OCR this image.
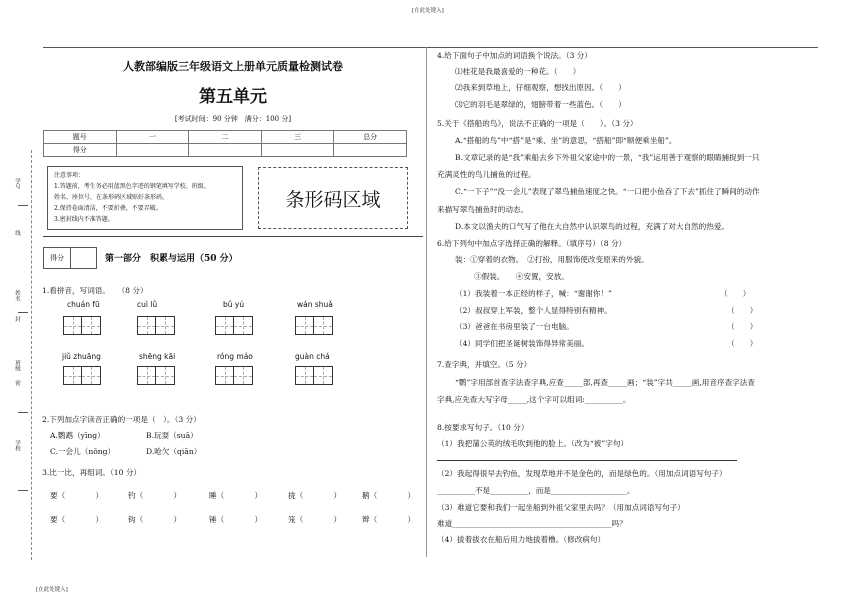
[在此处键入]
[在此处键入]
学号
线
姓名
封
班级
密
学校
人教部编版三年级语文上册单元质量检测试卷
第五单元
[考试时间：90 分钟　满分：100 分]
题号	一	二	三	总分
得分				
注意事项：
1.答题前，考生务必用蓝黑色字迹的钢笔填写学校、班级、
姓名、座位号，在条形码区域贴好条形码。
2.保持卷面清洁，不要折叠，不要弄破。
3.密封线内不准答题。
条形码区域
得分	第一部分　积累与运用（50 分）
1.看拼音，写词语。　　（8 分）
chuán fū	cuì lǜ	bǔ yú	wán shuǎ
jiǔ zhuāng	shēng kāi	róng máo	guàn chá
2.下列加点字读音正确的一项是（　）。（3 分）
A.鹦鹉（yīng）	B.玩耍（suā）
C.一会儿（nǒng）	D.呛欠（qiān）
3.比一比，再组词。（10 分）
要（　　　　）	钓（　　　　）	睡（　　　　）	拢（　　　　）	鹅（　　　　）
要（　　　　）	钩（　　　　）	锤（　　　　）	笼（　　　　）	辫（　　　　）
4.给下面句子中加点的词语换个说法。（3 分）
⑴桂花是我最喜爱的一种花。（　　）
⑵我来到草地上，仔细观察，想找出原因。（　　）
⑶它的羽毛是翠绿的，翅膀带着一些蓝色。（　　）
5.关于《搭船的鸟》，说法不正确的一项是（　　）。（3 分）
A.“搭船的鸟”中“搭”是“乘、坐”的意思，“搭船”即“顺便乘坐船”。
B.文章记录的是“我”乘船去乡下外祖父家途中的一景，“我”运用善于观察的眼睛捕捉到一只
充满灵性的鸟儿捕鱼的过程。
C.“一下子”“没一会儿”表现了翠鸟捕鱼速度之快。“一口把小鱼吞了下去”抓住了瞬间的动作
来描写翠鸟捕鱼时的动态。
D.本文以渔夫的口气写了他在大自然中认识翠鸟的过程，充满了对大自然的热爱。
6.给下列句中加点字选择正确的解释。（填序号）（8 分）
装：①穿着的衣物。　②打扮，用服饰使改变原来的外貌。
③假装。　　④安置，安放。
（1）我装着一本正经的样子，喊：“谢谢你！”	（　　）
（2）叔叔穿上军装，整个人显得特别有精神。	（　　）
（3）爸爸在书房里装了一台电脑。	（　　）
（4）同学们把圣诞树装饰得异常美丽。	（　　）
7.查字典，并填空。（5 分）
“鹦”字用部首查字法查字典,应查_____部,再查_____画；“装”字共_____画,用音序查字法查
字典,应先查大写字母_____,这个字可以组词:__________。
8.按要求写句子。（10 分）
（1）我把蒲公英的绒毛吹到他的脸上。（改为“被”字句）
（2）我起得很早去钓鱼，发现草地并不是金色的，而是绿色的。（用加点词语写句子）
__________不是__________，而是____________________。
（3）难道它要和我们一起坐船到外祖父家里去吗？（用加点词语写句子）
难道__________________________________________吗？
（4）拔着拔衣在船后用力地拔着橹。（修改病句）
